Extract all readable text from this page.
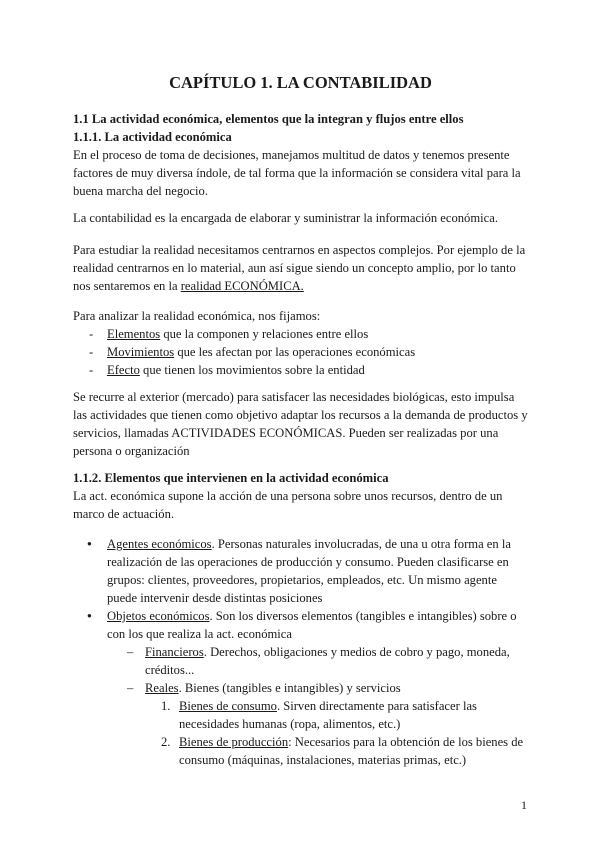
CAPÍTULO 1. LA CONTABILIDAD

1.1 La actividad económica, elementos que la integran y flujos entre ellos

1.1.1. La actividad económica

En el proceso de toma de decisiones, manejamos multitud de datos y tenemos presente factores de muy diversa índole, de tal forma que la información se considera vital para la buena marcha del negocio.

La contabilidad es la encargada de elaborar y suministrar la información económica.

Para estudiar la realidad necesitamos centrarnos en aspectos complejos. Por ejemplo de la realidad centrarnos en lo material, aun así sigue siendo un concepto amplio, por lo tanto nos sentaremos en la realidad ECONÓMICA.

Para analizar la realidad económica, nos fijamos:

- Elementos que la componen y relaciones entre ellos
- Movimientos que les afectan por las operaciones económicas
- Efecto que tienen los movimientos sobre la entidad

Se recurre al exterior (mercado) para satisfacer las necesidades biológicas, esto impulsa las actividades que tienen como objetivo adaptar los recursos a la demanda de productos y servicios, llamadas ACTIVIDADES ECONÓMICAS. Pueden ser realizadas por una persona o organización

1.1.2. Elementos que intervienen en la actividad económica

La act. económica supone la acción de una persona sobre unos recursos, dentro de un marco de actuación.

● Agentes económicos. Personas naturales involucradas, de una u otra forma en la realización de las operaciones de producción y consumo. Pueden clasificarse en grupos: clientes, proveedores, propietarios, empleados, etc. Un mismo agente puede intervenir desde distintas posiciones
● Objetos económicos. Son los diversos elementos (tangibles e intangibles) sobre o con los que realiza la act. económica
– Financieros. Derechos, obligaciones y medios de cobro y pago, moneda, créditos...
– Reales. Bienes (tangibles e intangibles) y servicios
1. Bienes de consumo. Sirven directamente para satisfacer las necesidades humanas (ropa, alimentos, etc.)
2. Bienes de producción: Necesarios para la obtención de los bienes de consumo (máquinas, instalaciones, materias primas, etc.)
1
